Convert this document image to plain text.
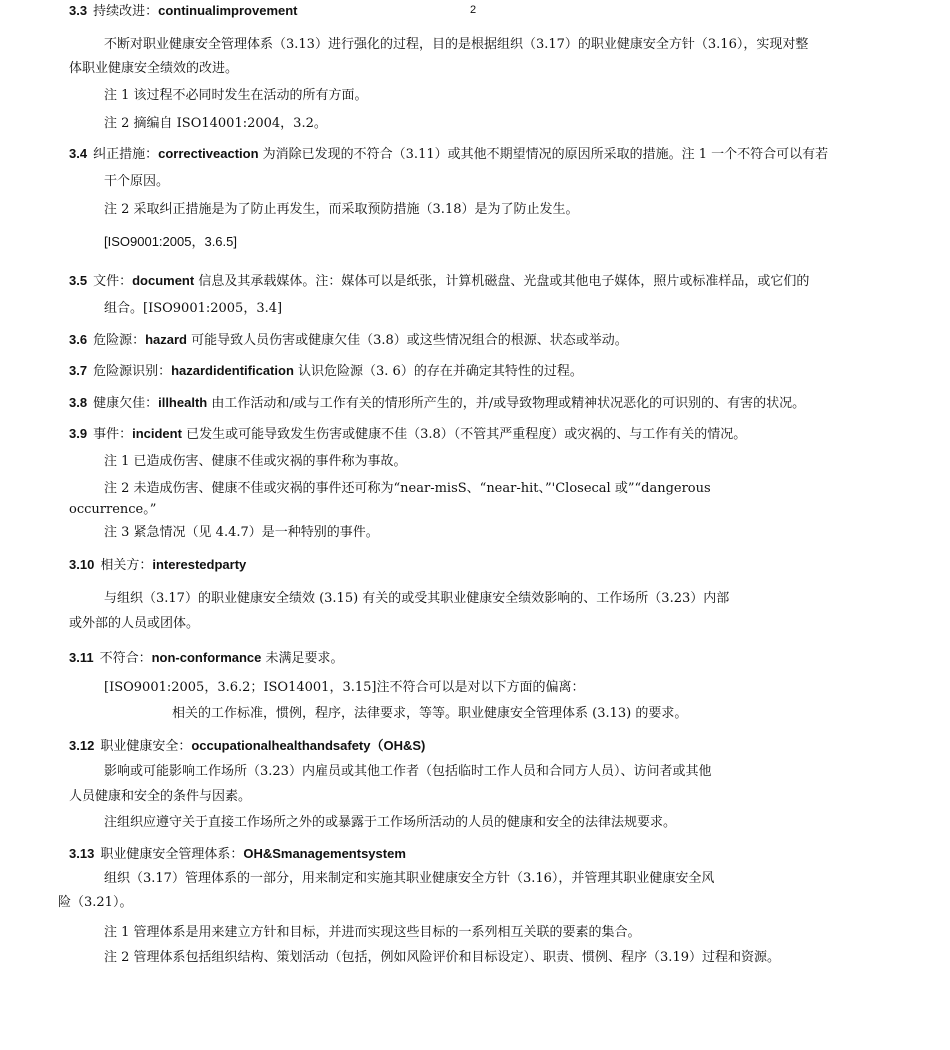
2
3.3 持续改进：continualimprovement
不断对职业健康安全管理体系（3.13）进行强化的过程，目的是根据组织（3.17）的职业健康安全方针（3.16），实现对整
体职业健康安全绩效的改进。
注 1 该过程不必同时发生在活动的所有方面。
注 2 摘编自 ISO14001:2004，3.2。
3.4 纠正措施：correctiveaction 为消除已发现的不符合（3.11）或其他不期望情况的原因所采取的措施。注 1 一个不符合可以有若
干个原因。
注 2 采取纠正措施是为了防止再发生，而采取预防措施（3.18）是为了防止发生。
[ISO9001:2005，3.6.5]
3.5 文件：document 信息及其承载媒体。注：媒体可以是纸张，计算机磁盘、光盘或其他电子媒体，照片或标准样品，或它们的
组合。[ISO9001:2005，3.4]
3.6 危险源：hazard 可能导致人员伤害或健康欠佳（3.8）或这些情况组合的根源、状态或举动。
3.7 危险源识别：hazardidentification 认识危险源（3. 6）的存在并确定其特性的过程。
3.8 健康欠佳：illhealth 由工作活动和/或与工作有关的情形所产生的，并/或导致物理或精神状况恶化的可识别的、有害的状况。
3.9 事件：incident 已发生或可能导致发生伤害或健康不佳（3.8）（不管其严重程度）或灾祸的、与工作有关的情况。
注 1 已造成伤害、健康不佳或灾祸的事件称为事故。
注 2 未造成伤害、健康不佳或灾祸的事件还可称为“near-misS、“near-hit、”'Closecal 或”“dangerous
occurrence。”
注 3 紧急情况（见 4.4.7）是一种特别的事件。
3.10 相关方：interestedparty
与组织（3.17）的职业健康安全绩效 (3.15) 有关的或受其职业健康安全绩效影响的、工作场所（3.23）内部
或外部的人员或团体。
3.11 不符合：non-conformance 未满足要求。
[ISO9001:2005，3.6.2；ISO14001，3.15]注不符合可以是对以下方面的偏离：
相关的工作标准，惯例，程序，法律要求，等等。职业健康安全管理体系 (3.13) 的要求。
3.12 职业健康安全：occupationalhealthandsafety（OH&S)
影响或可能影响工作场所（3.23）内雇员或其他工作者（包括临时工作人员和合同方人员）、访问者或其他
人员健康和安全的条件与因素。
注组织应遵守关于直接工作场所之外的或暴露于工作场所活动的人员的健康和安全的法律法规要求。
3.13 职业健康安全管理体系：OH&Smanagementsystem
组织（3.17）管理体系的一部分，用来制定和实施其职业健康安全方针（3.16），并管理其职业健康安全风
险（3.21）。
注 1 管理体系是用来建立方针和目标，并进而实现这些目标的一系列相互关联的要素的集合。
注 2 管理体系包括组织结构、策划活动（包括，例如风险评价和目标设定）、职责、惯例、程序（3.19）过程和资源。
